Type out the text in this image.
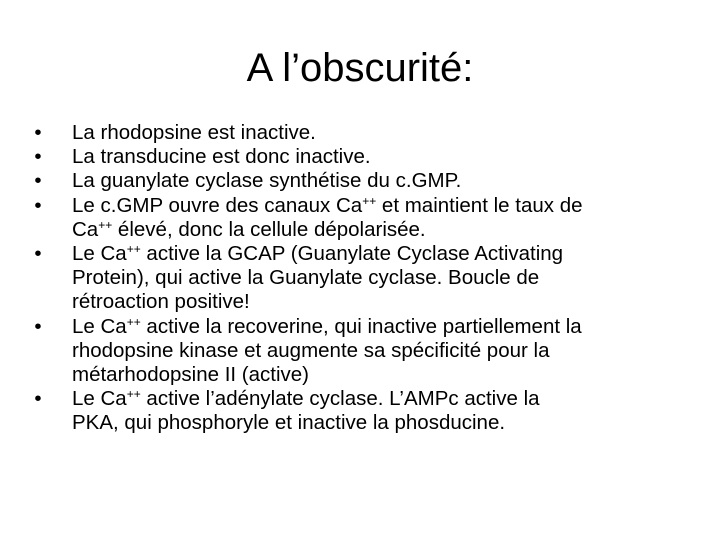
A l’obscurité:
•	La rhodopsine est inactive.
•	La transducine est donc inactive.
•	La guanylate cyclase synthétise du c.GMP.
•	Le c.GMP ouvre des canaux Ca++ et maintient le taux de
Ca++ élevé, donc la cellule dépolarisée.
•	Le Ca++ active la GCAP (Guanylate Cyclase Activating
Protein), qui active la Guanylate cyclase. Boucle de
rétroaction positive!
•	Le Ca++ active la recoverine, qui inactive partiellement la
rhodopsine kinase et augmente sa spécificité pour la
métarhodopsine II (active)
•	Le Ca++ active l’adénylate cyclase. L’AMPc active la
PKA, qui phosphoryle et inactive la phosducine.
